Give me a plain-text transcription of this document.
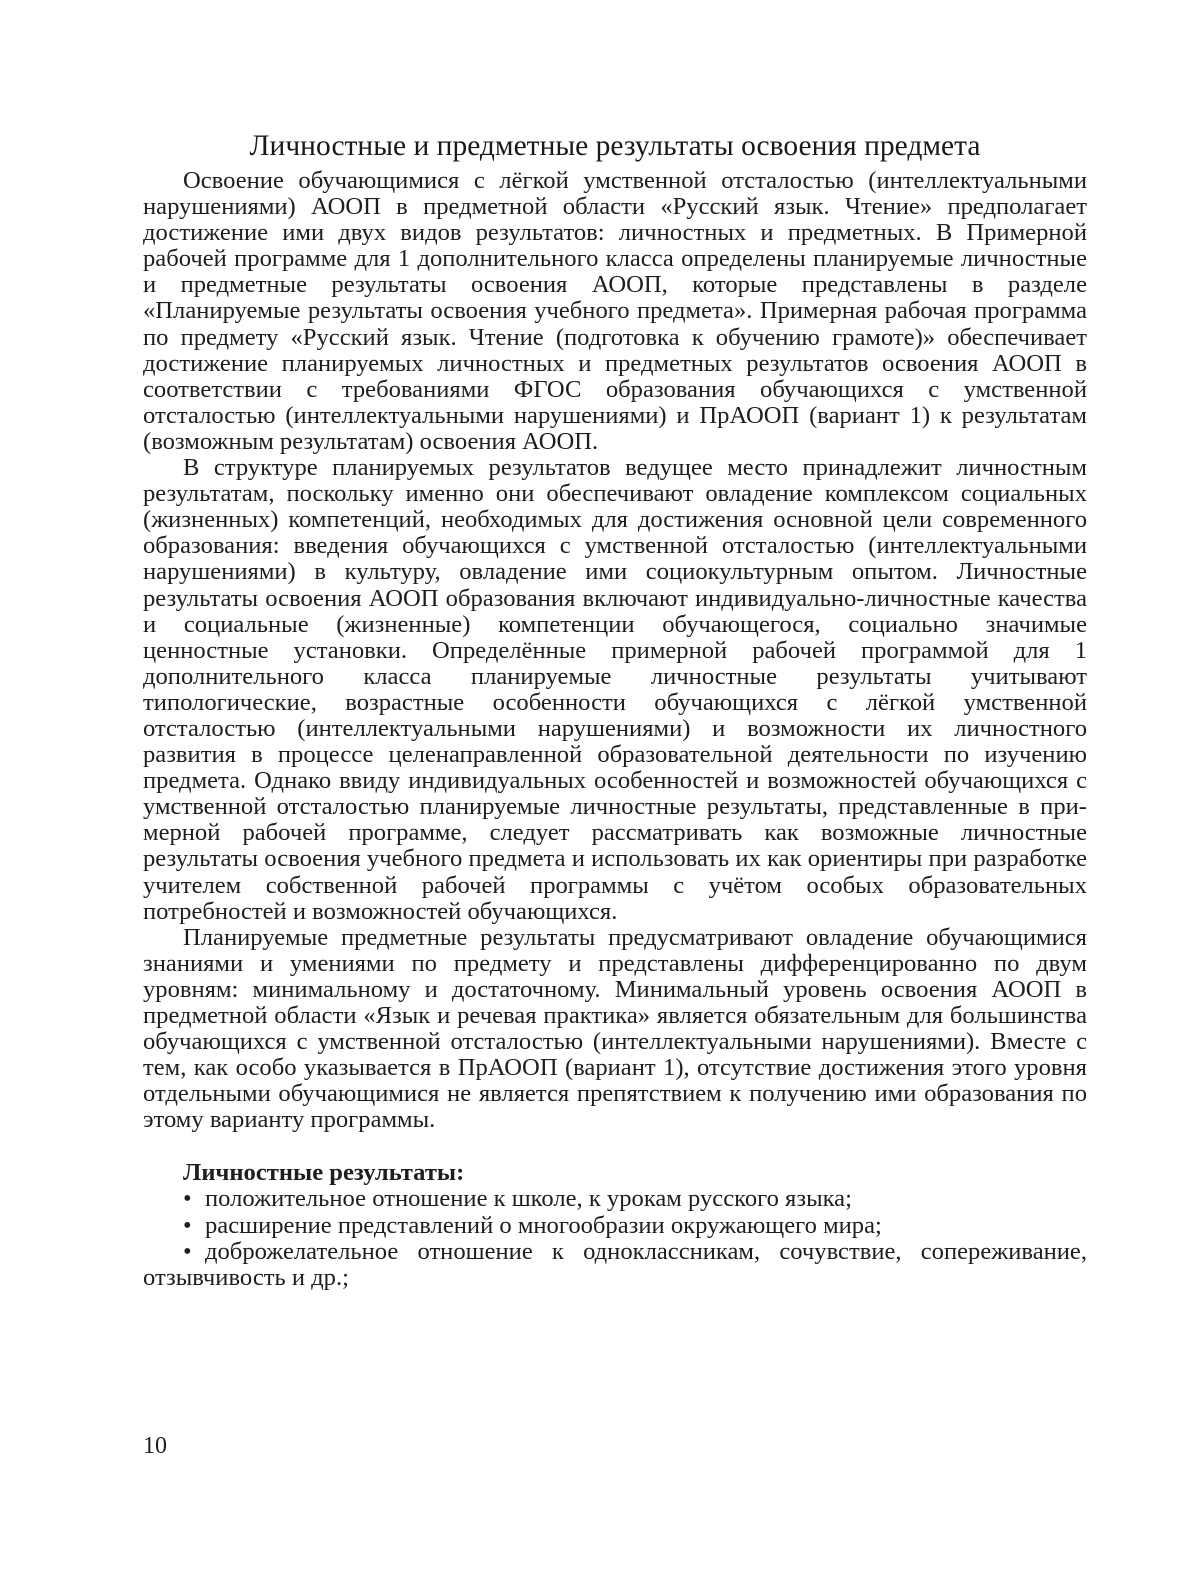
Личностные и предметные результаты освоения предмета

Освоение обучающимися с лёгкой умственной отсталостью (интеллектуальными нарушениями) АООП в предметной области «Русский язык. Чтение» предполагает достижение ими двух видов результатов: личностных и предметных. В Примерной рабочей программе для 1 дополнительного класса определены планируемые личностные и предметные результаты освоения АООП, которые представлены в разделе «Планируемые результаты освоения учебного предмета». Примерная рабочая программа по предмету «Русский язык. Чтение (подготовка к обучению грамоте)» обеспечивает достижение планируемых личностных и предметных результатов освоения АООП в соответствии с требованиями ФГОС образования обучающихся с умственной отсталостью (интеллектуальными нарушениями) и ПрАООП (вариант 1) к результатам (возможным результатам) освоения АООП.

В структуре планируемых результатов ведущее место принадлежит личностным результатам, поскольку именно они обеспечивают овладение комплексом социальных (жизненных) компетенций, необходимых для достижения основной цели современного образования: введения обучающихся с умственной отсталостью (интеллектуальными нарушениями) в культуру, овладение ими социокультурным опытом. Личностные результаты освоения АООП образования включают индивидуально-личностные качества и социальные (жизненные) компетенции обучающегося, социально значимые ценностные установки. Определённые примерной рабочей программой для 1 дополнительного класса планируемые личностные результаты учитывают типологические, возрастные особенности обучающихся с лёгкой умственной отсталостью (интеллектуальными нарушениями) и возможности их личностного развития в процессе целенаправленной образовательной деятельности по изучению предмета. Однако ввиду индивидуальных особенностей и возможностей обучающихся с умственной отсталостью планируемые личностные результаты, представленные в примерной рабочей программе, следует рассматривать как возможные личностные результаты освоения учебного предмета и использовать их как ориентиры при разработке учителем собственной рабочей программы с учётом особых образовательных потребностей и возможностей обучающихся.

Планируемые предметные результаты предусматривают овладение обучающимися знаниями и умениями по предмету и представлены дифференцированно по двум уровням: минимальному и достаточному. Минимальный уровень освоения АООП в предметной области «Язык и речевая практика» является обязательным для большинства обучающихся с умственной отсталостью (интеллектуальными нарушениями). Вместе с тем, как особо указывается в ПрАООП (вариант 1), отсутствие достижения этого уровня отдельными обучающимися не является препятствием к получению ими образования по этому варианту программы.

Личностные результаты:

• положительное отношение к школе, к урокам русского языка;
• расширение представлений о многообразии окружающего мира;
• доброжелательное отношение к одноклассникам, сочувствие, сопереживание, отзывчивость и др.;
10
